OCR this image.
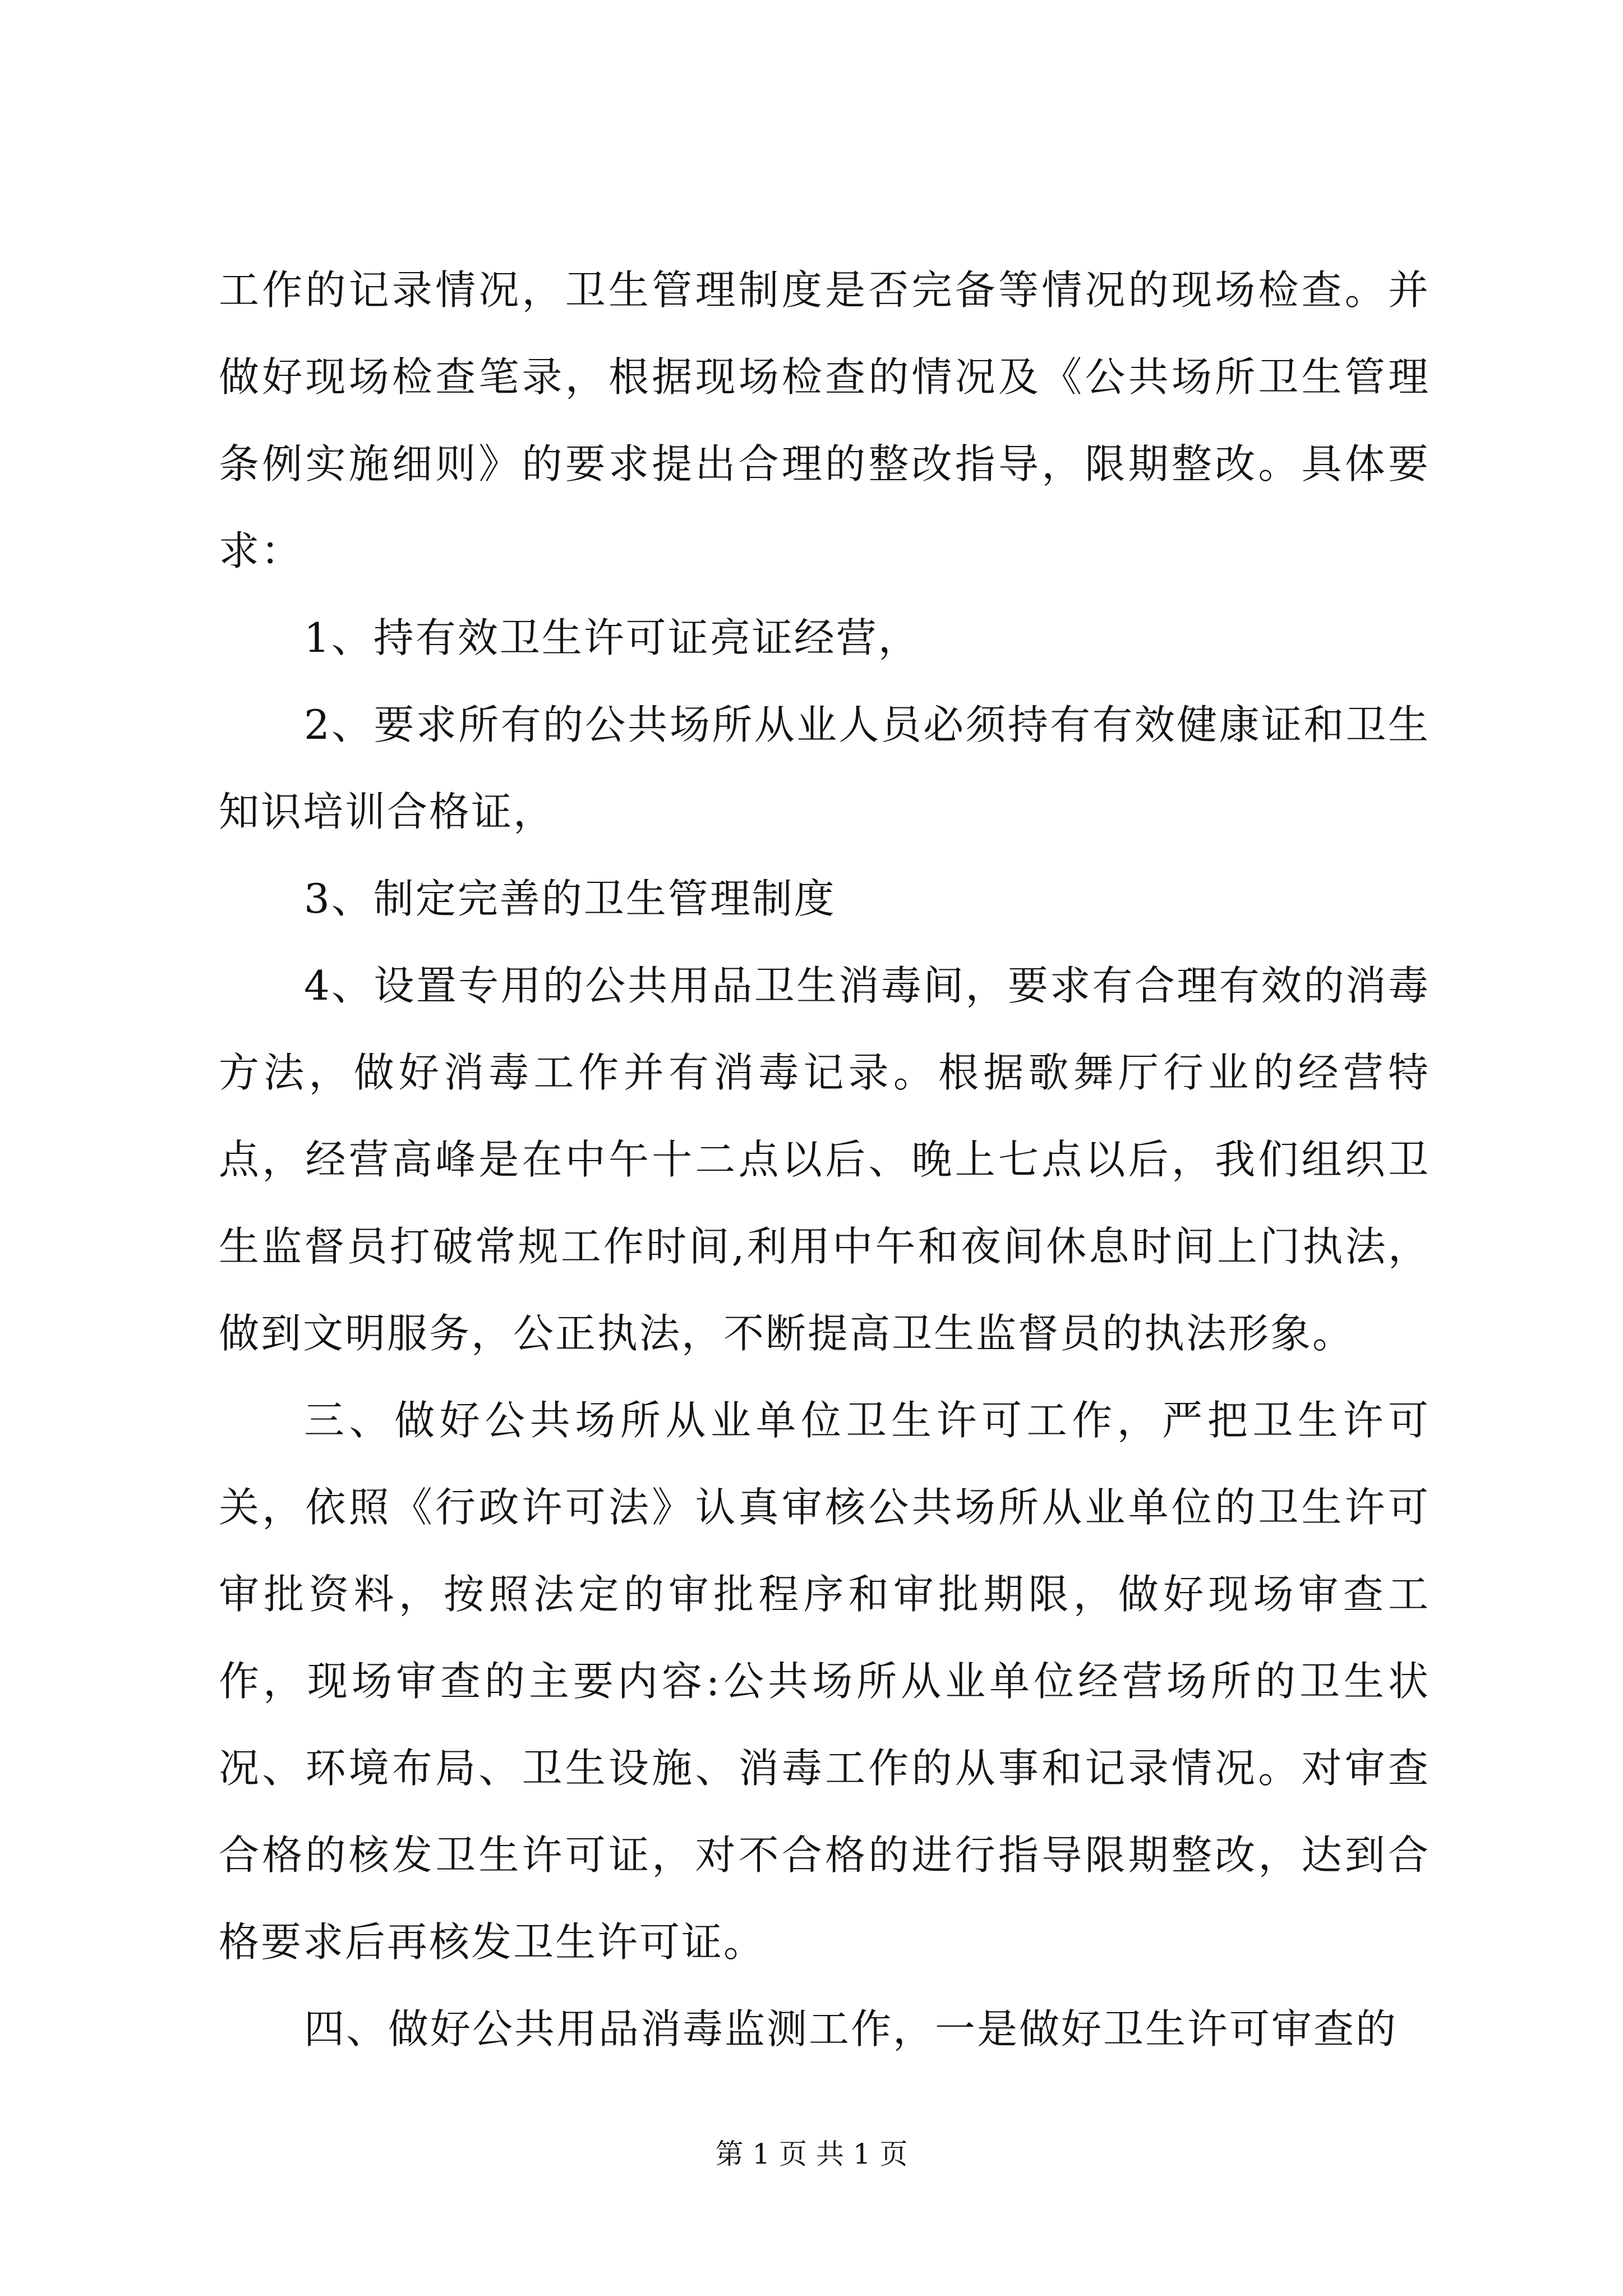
工作的记录情况，卫生管理制度是否完备等情况的现场检查。并做好现场检查笔录，根据现场检查的情况及《公共场所卫生管理条例实施细则》的要求提出合理的整改指导，限期整改。具体要求：

1、持有效卫生许可证亮证经营，

2、要求所有的公共场所从业人员必须持有有效健康证和卫生知识培训合格证，

3、制定完善的卫生管理制度

4、设置专用的公共用品卫生消毒间，要求有合理有效的消毒方法，做好消毒工作并有消毒记录。根据歌舞厅行业的经营特点，经营高峰是在中午十二点以后、晚上七点以后，我们组织卫生监督员打破常规工作时间,利用中午和夜间休息时间上门执法，做到文明服务，公正执法，不断提高卫生监督员的执法形象。

三、做好公共场所从业单位卫生许可工作，严把卫生许可关，依照《行政许可法》认真审核公共场所从业单位的卫生许可审批资料，按照法定的审批程序和审批期限，做好现场审查工作，现场审查的主要内容:公共场所从业单位经营场所的卫生状况、环境布局、卫生设施、消毒工作的从事和记录情况。对审查合格的核发卫生许可证，对不合格的进行指导限期整改，达到合格要求后再核发卫生许可证。

四、做好公共用品消毒监测工作，一是做好卫生许可审查的

第 1 页 共 1 页
